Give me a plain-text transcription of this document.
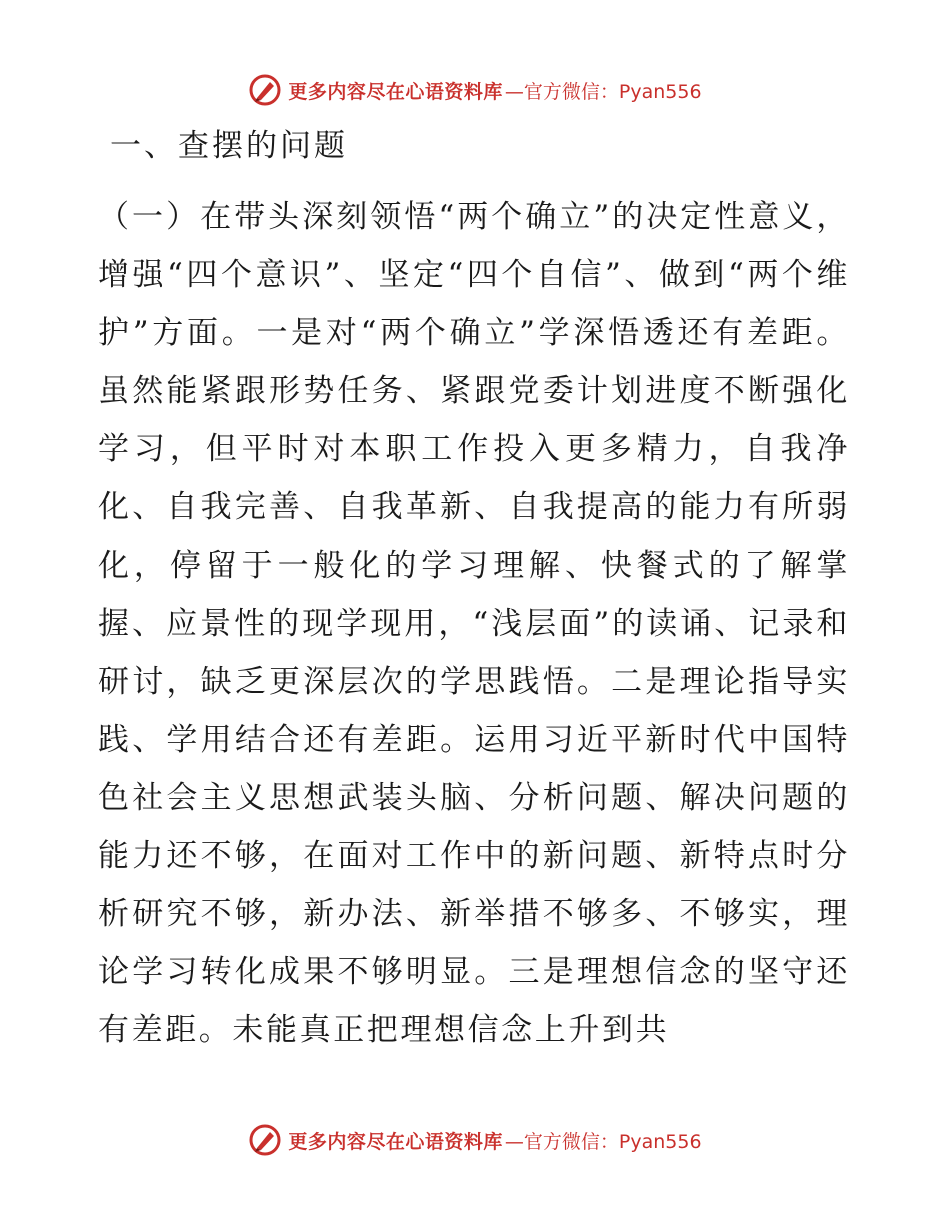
更多内容尽在心语资料库 —官方微信：Pyan556
一、查摆的问题

（一）在带头深刻领悟“两个确立”的决定性意义，增强“四个意识”、坚定“四个自信”、做到“两个维护”方面。一是对“两个确立”学深悟透还有差距。虽然能紧跟形势任务、紧跟党委计划进度不断强化学习，但平时对本职工作投入更多精力，自我净化、自我完善、自我革新、自我提高的能力有所弱化，停留于一般化的学习理解、快餐式的了解掌握、应景性的现学现用，“浅层面”的读诵、记录和研讨，缺乏更深层次的学思践悟。二是理论指导实践、学用结合还有差距。运用习近平新时代中国特色社会主义思想武装头脑、分析问题、解决问题的能力还不够，在面对工作中的新问题、新特点时分析研究不够，新办法、新举措不够多、不够实，理论学习转化成果不够明显。三是理想信念的坚守还有差距。未能真正把理想信念上升到共

更多内容尽在心语资料库 —官方微信：Pyan556
